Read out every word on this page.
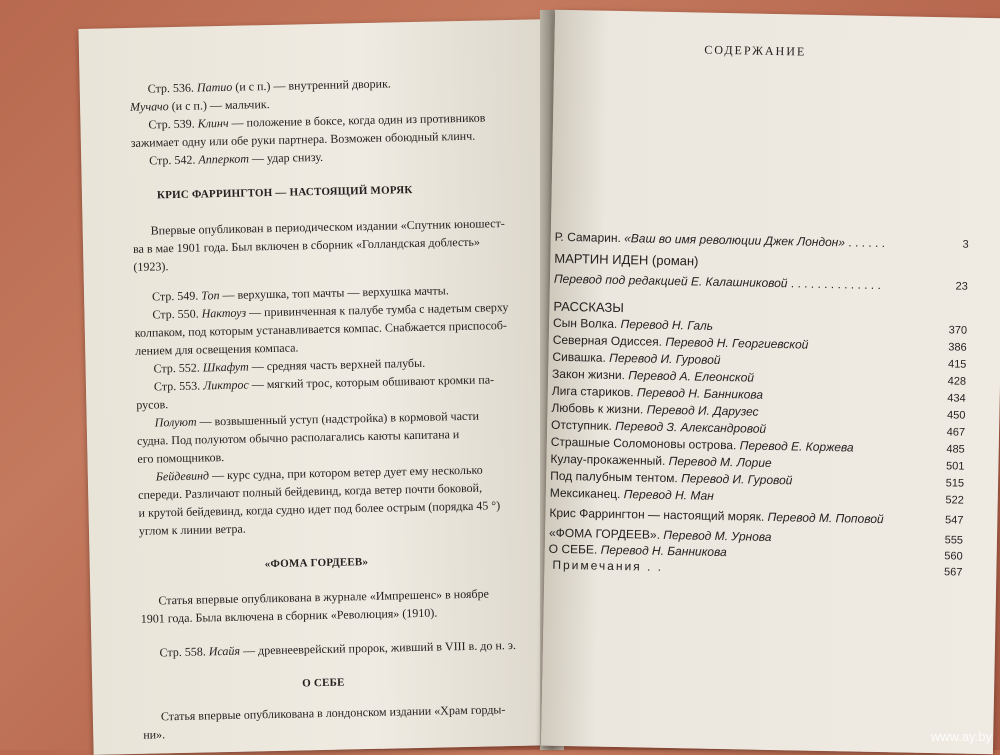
Стр. 536. Патио (и с п.) — внутренний дворик.
Мучачо (и с п.) — мальчик.
Стр. 539. Клинч — положение в боксе, когда один из противников
зажимает одну или обе руки партнера. Возможен обоюдный клинч.
Стр. 542. Апперкот — удар снизу.
КРИС ФАРРИНГТОН — НАСТОЯЩИЙ МОРЯК
Впервые опубликован в периодическом издании «Спутник юношест-
ва в мае 1901 года. Был включен в сборник «Голландская доблесть»
(1923).
Стр. 549. Топ — верхушка, топ мачты — верхушка мачты.
Стр. 550. Нактоуз — привинченная к палубе тумба с надетым сверху
колпаком, под которым устанавливается компас. Снабжается приспособ-
лением для освещения компаса.
Стр. 552. Шкафут — средняя часть верхней палубы.
Стр. 553. Ликтрос — мягкий трос, которым обшивают кромки па-
русов.
Полуют — возвышенный уступ (надстройка) в кормовой части
судна. Под полуютом обычно располагались каюты капитана и
его помощников.
Бейдевинд — курс судна, при котором ветер дует ему несколько
спереди. Различают полный бейдевинд, когда ветер почти боковой,
и крутой бейдевинд, когда судно идет под более острым (порядка 45 °)
углом к линии ветра.
«ФОМА ГОРДЕЕВ»
Статья впервые опубликована в журнале «Импрешенс» в ноябре
1901 года. Была включена в сборник «Революция» (1910).
Стр. 558. Исайя — древнееврейский пророк, живший в VIII в. до н. э.
О СЕБЕ
Статья впервые опубликована в лондонском издании «Храм горды-
ни».
СОДЕРЖАНИЕ
Р. Самарин. «Ваш во имя революции Джек Лондон» . . . . . .	3
МАРТИН ИДЕН (роман)
Перевод под редакцией Е. Калашниковой . . . . . . . . . . . . . .	23
РАССКАЗЫ
Сын Волка. Перевод Н. Галь	370
Северная Одиссея. Перевод Н. Георгиевской	386
Сивашка. Перевод И. Гуровой	415
Закон жизни. Перевод А. Елеонской	428
Лига стариков. Перевод Н. Банникова	434
Любовь к жизни. Перевод И. Дарузес	450
Отступник. Перевод З. Александровой	467
Страшные Соломоновы острова. Перевод Е. Коржева	485
Кулау-прокаженный. Перевод М. Лорие	501
Под палубным тентом. Перевод И. Гуровой	515
Мексиканец. Перевод Н. Ман	522
Крис Фаррингтон — настоящий моряк. Перевод М. Поповой	547
«ФОМА ГОРДЕЕВ». Перевод М. Урнова	555
О СЕБЕ. Перевод Н. Банникова	560
Примечания . .	567
www.ay.by
